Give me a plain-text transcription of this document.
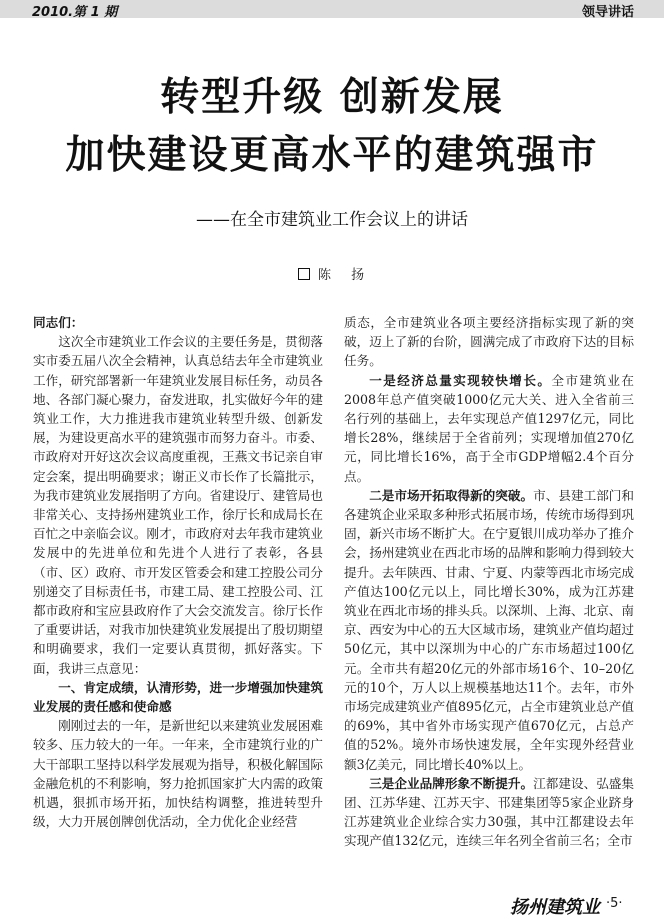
2010.第 1 期	领导讲话
转型升级 创新发展
加快建设更高水平的建筑强市
——在全市建筑业工作会议上的讲话
陈 扬

同志们：

这次全市建筑业工作会议的主要任务是，贯彻落实市委五届八次全会精神，认真总结去年全市建筑业工作，研究部署新一年建筑业发展目标任务，动员各地、各部门凝心聚力，奋发进取，扎实做好今年的建筑业工作，大力推进我市建筑业转型升级、创新发展，为建设更高水平的建筑强市而努力奋斗。市委、市政府对开好这次会议高度重视，王燕文书记亲自审定会案，提出明确要求；谢正义市长作了长篇批示，为我市建筑业发展指明了方向。省建设厅、建管局也非常关心、支持扬州建筑业工作，徐厅长和成局长在百忙之中亲临会议。刚才，市政府对去年我市建筑业发展中的先进单位和先进个人进行了表彰，各县（市、区）政府、市开发区管委会和建工控股公司分别递交了目标责任书，市建工局、建工控股公司、江都市政府和宝应县政府作了大会交流发言。徐厅长作了重要讲话，对我市加快建筑业发展提出了殷切期望和明确要求，我们一定要认真贯彻，抓好落实。下面，我讲三点意见：

一、肯定成绩，认清形势，进一步增强加快建筑业发展的责任感和使命感

刚刚过去的一年，是新世纪以来建筑业发展困难较多、压力较大的一年。一年来，全市建筑行业的广大干部职工坚持以科学发展观为指导，积极化解国际金融危机的不利影响，努力抢抓国家扩大内需的政策机遇，狠抓市场开拓，加快结构调整，推进转型升级，大力开展创牌创优活动，全力优化企业经营

质态，全市建筑业各项主要经济指标实现了新的突破，迈上了新的台阶，圆满完成了市政府下达的目标任务。

一是经济总量实现较快增长。全市建筑业在2008年总产值突破1000亿元大关、进入全省前三名行列的基础上，去年实现总产值1297亿元，同比增长28%，继续居于全省前列；实现增加值270亿元，同比增长16%，高于全市GDP增幅2.4个百分点。

二是市场开拓取得新的突破。市、县建工部门和各建筑企业采取多种形式拓展市场，传统市场得到巩固，新兴市场不断扩大。在宁夏银川成功举办了推介会，扬州建筑业在西北市场的品牌和影响力得到较大提升。去年陕西、甘肃、宁夏、内蒙等西北市场完成产值达100亿元以上，同比增长30%，成为江苏建筑业在西北市场的排头兵。以深圳、上海、北京、南京、西安为中心的五大区域市场，建筑业产值均超过50亿元，其中以深圳为中心的广东市场超过100亿元。全市共有超20亿元的外部市场16个、10–20亿元的10个，万人以上规模基地达11个。去年，市外市场完成建筑业产值895亿元，占全市建筑业总产值的69%，其中省外市场实现产值670亿元，占总产值的52%。境外市场快速发展，全年实现外经营业额3亿美元，同比增长40%以上。

三是企业品牌形象不断提升。江都建设、弘盛集团、江苏华建、江苏天宇、邗建集团等5家企业跻身江苏建筑业企业综合实力30强，其中江都建设去年实现产值132亿元，连续三年名列全省前三名；全市

扬州建筑业 ·5·
